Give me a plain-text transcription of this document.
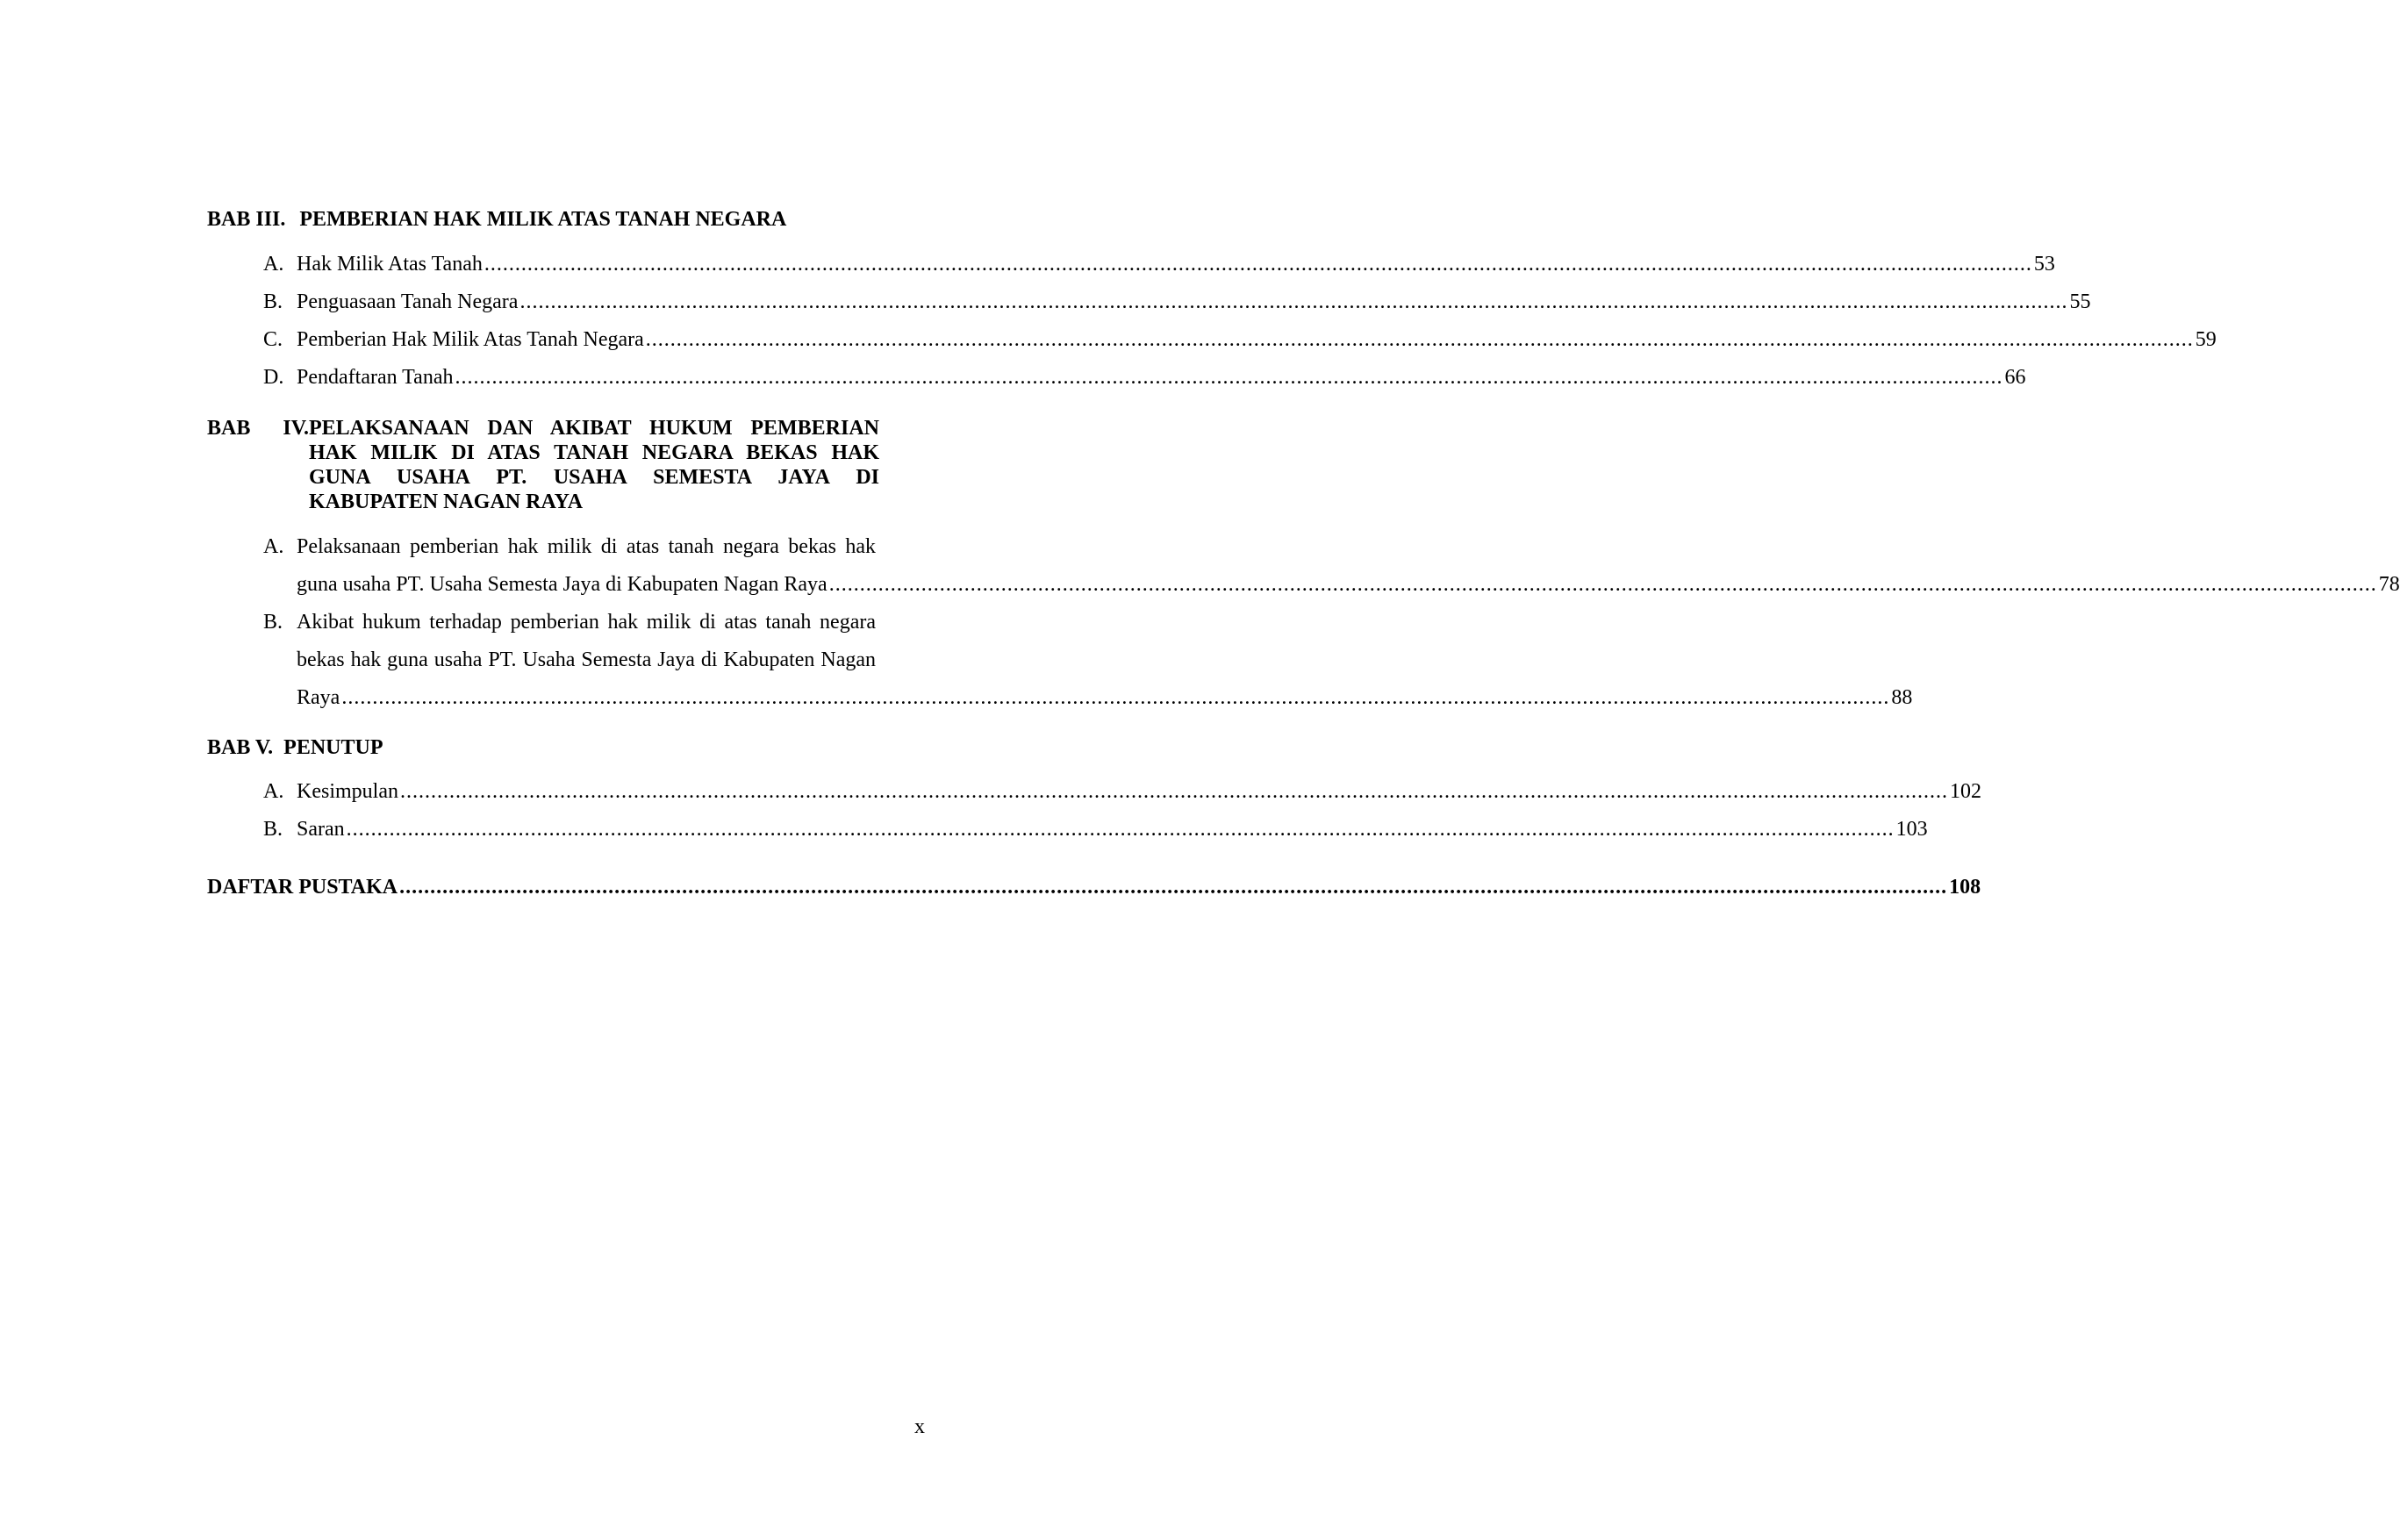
BAB III. PEMBERIAN HAK MILIK ATAS TANAH NEGARA
A. Hak Milik Atas Tanah ............................................................................................................................................................................................................................................................ 53
B. Penguasaan Tanah Negara ............................................................................................................................................................................................................................................................ 55
C. Pemberian Hak Milik Atas Tanah Negara ............................................................................................................................................................................................................................................................ 59
D. Pendaftaran Tanah ............................................................................................................................................................................................................................................................ 66
BAB IV. PELAKSANAAN DAN AKIBAT HUKUM PEMBERIAN HAK MILIK DI ATAS TANAH NEGARA BEKAS HAK GUNA USAHA PT. USAHA SEMESTA JAYA DI KABUPATEN NAGAN RAYA
A. Pelaksanaan pemberian hak milik di atas tanah negara bekas hak
guna usaha PT. Usaha Semesta Jaya di Kabupaten Nagan Raya ............................................................................................................................................................................................................................................................ 78
B. Akibat hukum terhadap pemberian hak milik di atas tanah negara
bekas hak guna usaha PT. Usaha Semesta Jaya di Kabupaten Nagan
Raya ............................................................................................................................................................................................................................................................ 88
BAB V. PENUTUP
A. Kesimpulan ............................................................................................................................................................................................................................................................ 102
B. Saran ............................................................................................................................................................................................................................................................ 103
DAFTAR PUSTAKA ............................................................................................................................................................................................................................................................ 108
x
